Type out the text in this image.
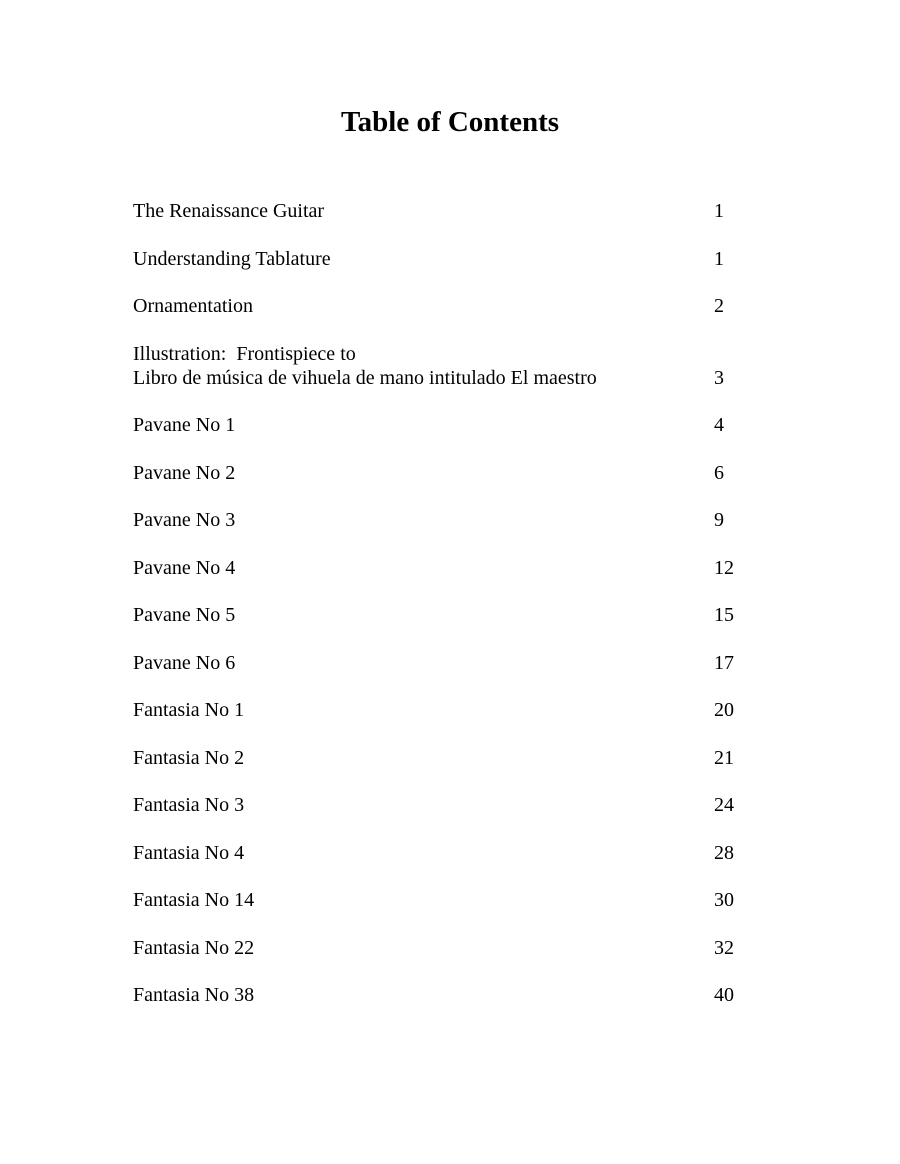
Table of Contents
The Renaissance Guitar	1
Understanding Tablature	1
Ornamentation	2
Illustration:  Frontispiece to
Libro de música de vihuela de mano intitulado El maestro	3
Pavane No 1	4
Pavane No 2	6
Pavane No 3	9
Pavane No 4	12
Pavane No 5	15
Pavane No 6	17
Fantasia No 1	20
Fantasia No 2	21
Fantasia No 3	24
Fantasia No 4	28
Fantasia No 14	30
Fantasia No 22	32
Fantasia No 38	40
